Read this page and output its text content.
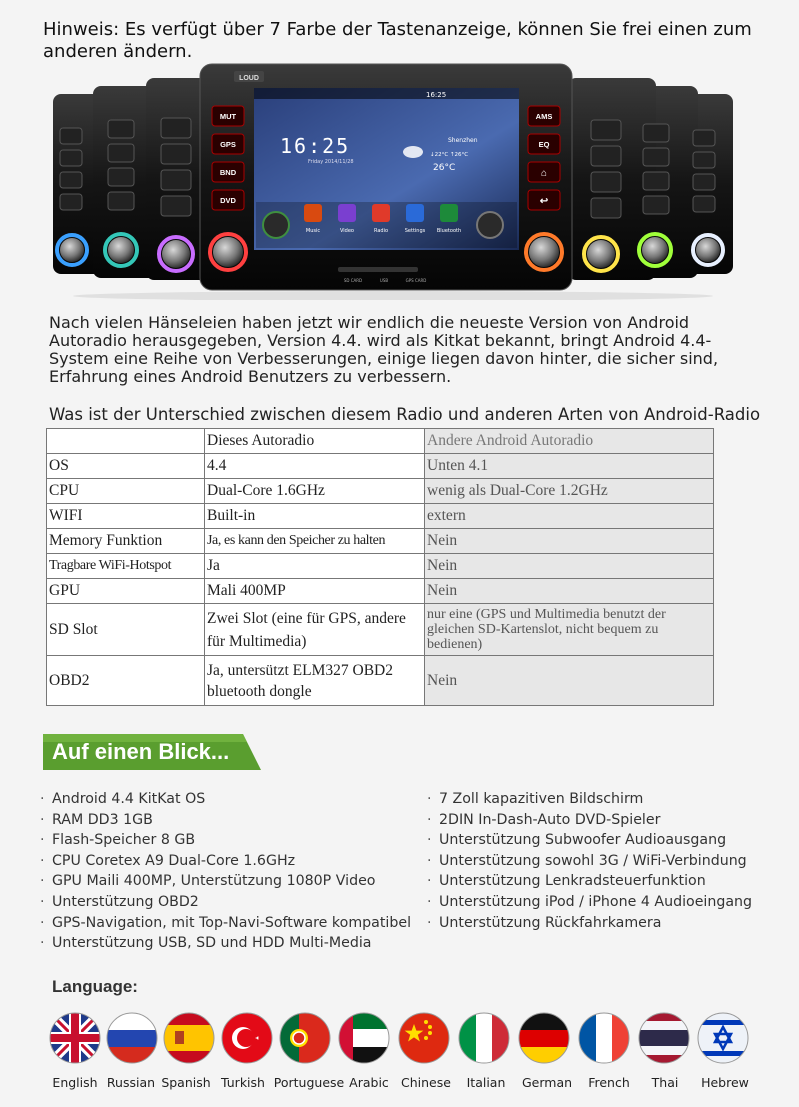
Hinweis: Es verfügt über 7 Farbe der Tastenanzeige, können Sie frei einen zum anderen ändern.
LOUD
MUT
GPS
BND
DVD
AMS
EQ
⌂
↩
16:25
16:25
Friday 2014/11/28
Shenzhen
↓22°C ↑26°C
26°C
Music	Video	Radio	Settings Bluetooth
SD CARD	USB	GPS CARD
Nach vielen Hänseleien haben jetzt wir endlich die neueste Version von Android Autoradio herausgegeben, Version 4.4. wird als Kitkat bekannt, bringt Android 4.4-System eine Reihe von Verbesserungen, einige liegen davon hinter, die sicher sind, Erfahrung eines Android Benutzers zu verbessern.
Was ist der Unterschied zwischen diesem Radio und anderen Arten von Android-Radio
	Dieses Autoradio	Andere Android Autoradio
OS	4.4	Unten 4.1
CPU	Dual-Core 1.6GHz	wenig als Dual-Core 1.2GHz
WIFI	Built-in	extern
Memory Funktion	Ja, es kann den Speicher zu halten	Nein
Tragbare WiFi-Hotspot	Ja	Nein
GPU	Mali 400MP	Nein
SD Slot	Zwei Slot (eine für GPS, andere für Multimedia)	nur eine (GPS und Multimedia benutzt der gleichen SD-Kartenslot, nicht bequem zu bedienen)
OBD2	Ja, untersützt ELM327 OBD2 bluetooth dongle	Nein
Auf einen Blick...
· Android 4.4 KitKat OS
· RAM DD3 1GB
· Flash-Speicher 8 GB
· CPU Coretex A9 Dual-Core 1.6GHz
· GPU Maili 400MP, Unterstützung 1080P Video
· Unterstützung OBD2
· GPS-Navigation, mit Top-Navi-Software kompatibel
· Unterstützung USB, SD und HDD Multi-Media
· 7 Zoll kapazitiven Bildschirm
· 2DIN In-Dash-Auto DVD-Spieler
· Unterstützung Subwoofer Audioausgang
· Unterstützung sowohl 3G / WiFi-Verbindung
· Unterstützung Lenkradsteuerfunktion
· Unterstützung iPod / iPhone 4 Audioeingang
· Unterstützung Rückfahrkamera
Language:
English Russian Spanish Turkish Portuguese Arabic Chinese	Italian	German	French	Thai	Hebrew
